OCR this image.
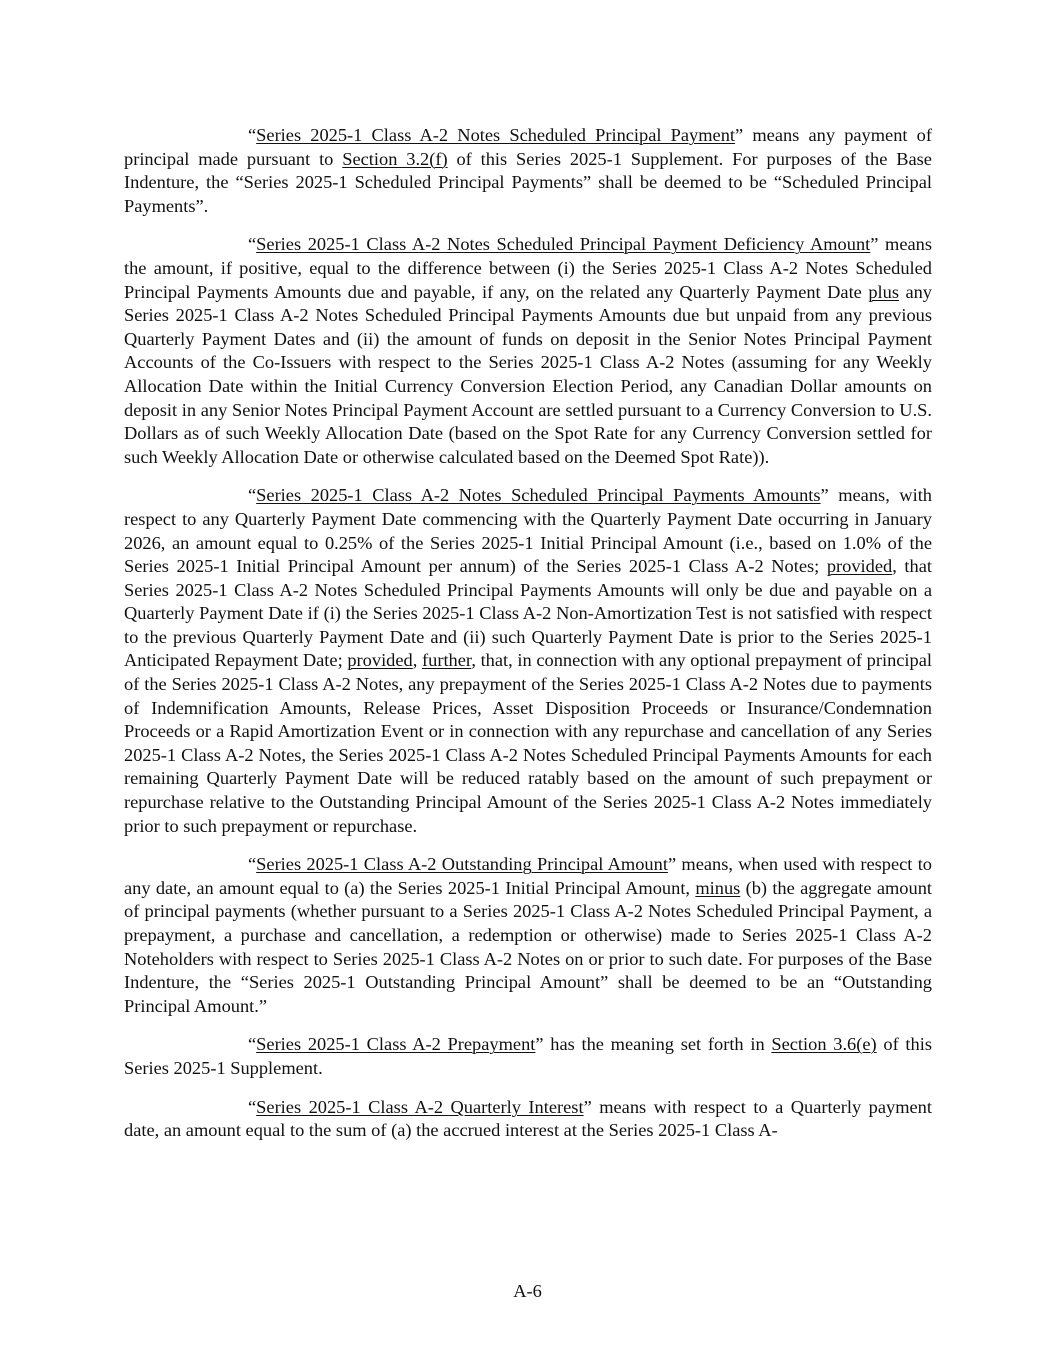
“Series 2025-1 Class A-2 Notes Scheduled Principal Payment” means any payment of principal made pursuant to Section 3.2(f) of this Series 2025-1 Supplement. For purposes of the Base Indenture, the “Series 2025-1 Scheduled Principal Payments” shall be deemed to be “Scheduled Principal Payments”.

“Series 2025-1 Class A-2 Notes Scheduled Principal Payment Deficiency Amount” means the amount, if positive, equal to the difference between (i) the Series 2025-1 Class A-2 Notes Scheduled Principal Payments Amounts due and payable, if any, on the related any Quarterly Payment Date plus any Series 2025-1 Class A-2 Notes Scheduled Principal Payments Amounts due but unpaid from any previous Quarterly Payment Dates and (ii) the amount of funds on deposit in the Senior Notes Principal Payment Accounts of the Co-Issuers with respect to the Series 2025-1 Class A-2 Notes (assuming for any Weekly Allocation Date within the Initial Currency Conversion Election Period, any Canadian Dollar amounts on deposit in any Senior Notes Principal Payment Account are settled pursuant to a Currency Conversion to U.S. Dollars as of such Weekly Allocation Date (based on the Spot Rate for any Currency Conversion settled for such Weekly Allocation Date or otherwise calculated based on the Deemed Spot Rate)).

“Series 2025-1 Class A-2 Notes Scheduled Principal Payments Amounts” means, with respect to any Quarterly Payment Date commencing with the Quarterly Payment Date occurring in January 2026, an amount equal to 0.25% of the Series 2025-1 Initial Principal Amount (i.e., based on 1.0% of the Series 2025-1 Initial Principal Amount per annum) of the Series 2025-1 Class A-2 Notes; provided, that Series 2025-1 Class A-2 Notes Scheduled Principal Payments Amounts will only be due and payable on a Quarterly Payment Date if (i) the Series 2025-1 Class A-2 Non-Amortization Test is not satisfied with respect to the previous Quarterly Payment Date and (ii) such Quarterly Payment Date is prior to the Series 2025-1 Anticipated Repayment Date; provided, further, that, in connection with any optional prepayment of principal of the Series 2025-1 Class A-2 Notes, any prepayment of the Series 2025-1 Class A-2 Notes due to payments of Indemnification Amounts, Release Prices, Asset Disposition Proceeds or Insurance/Condemnation Proceeds or a Rapid Amortization Event or in connection with any repurchase and cancellation of any Series 2025-1 Class A-2 Notes, the Series 2025-1 Class A-2 Notes Scheduled Principal Payments Amounts for each remaining Quarterly Payment Date will be reduced ratably based on the amount of such prepayment or repurchase relative to the Outstanding Principal Amount of the Series 2025-1 Class A-2 Notes immediately prior to such prepayment or repurchase.

“Series 2025-1 Class A-2 Outstanding Principal Amount” means, when used with respect to any date, an amount equal to (a) the Series 2025-1 Initial Principal Amount, minus (b) the aggregate amount of principal payments (whether pursuant to a Series 2025-1 Class A-2 Notes Scheduled Principal Payment, a prepayment, a purchase and cancellation, a redemption or otherwise) made to Series 2025-1 Class A-2 Noteholders with respect to Series 2025-1 Class A-2 Notes on or prior to such date. For purposes of the Base Indenture, the “Series 2025-1 Outstanding Principal Amount” shall be deemed to be an “Outstanding Principal Amount.”

“Series 2025-1 Class A-2 Prepayment” has the meaning set forth in Section 3.6(e) of this Series 2025-1 Supplement.

“Series 2025-1 Class A-2 Quarterly Interest” means with respect to a Quarterly payment date, an amount equal to the sum of (a) the accrued interest at the Series 2025-1 Class A-

A-6
